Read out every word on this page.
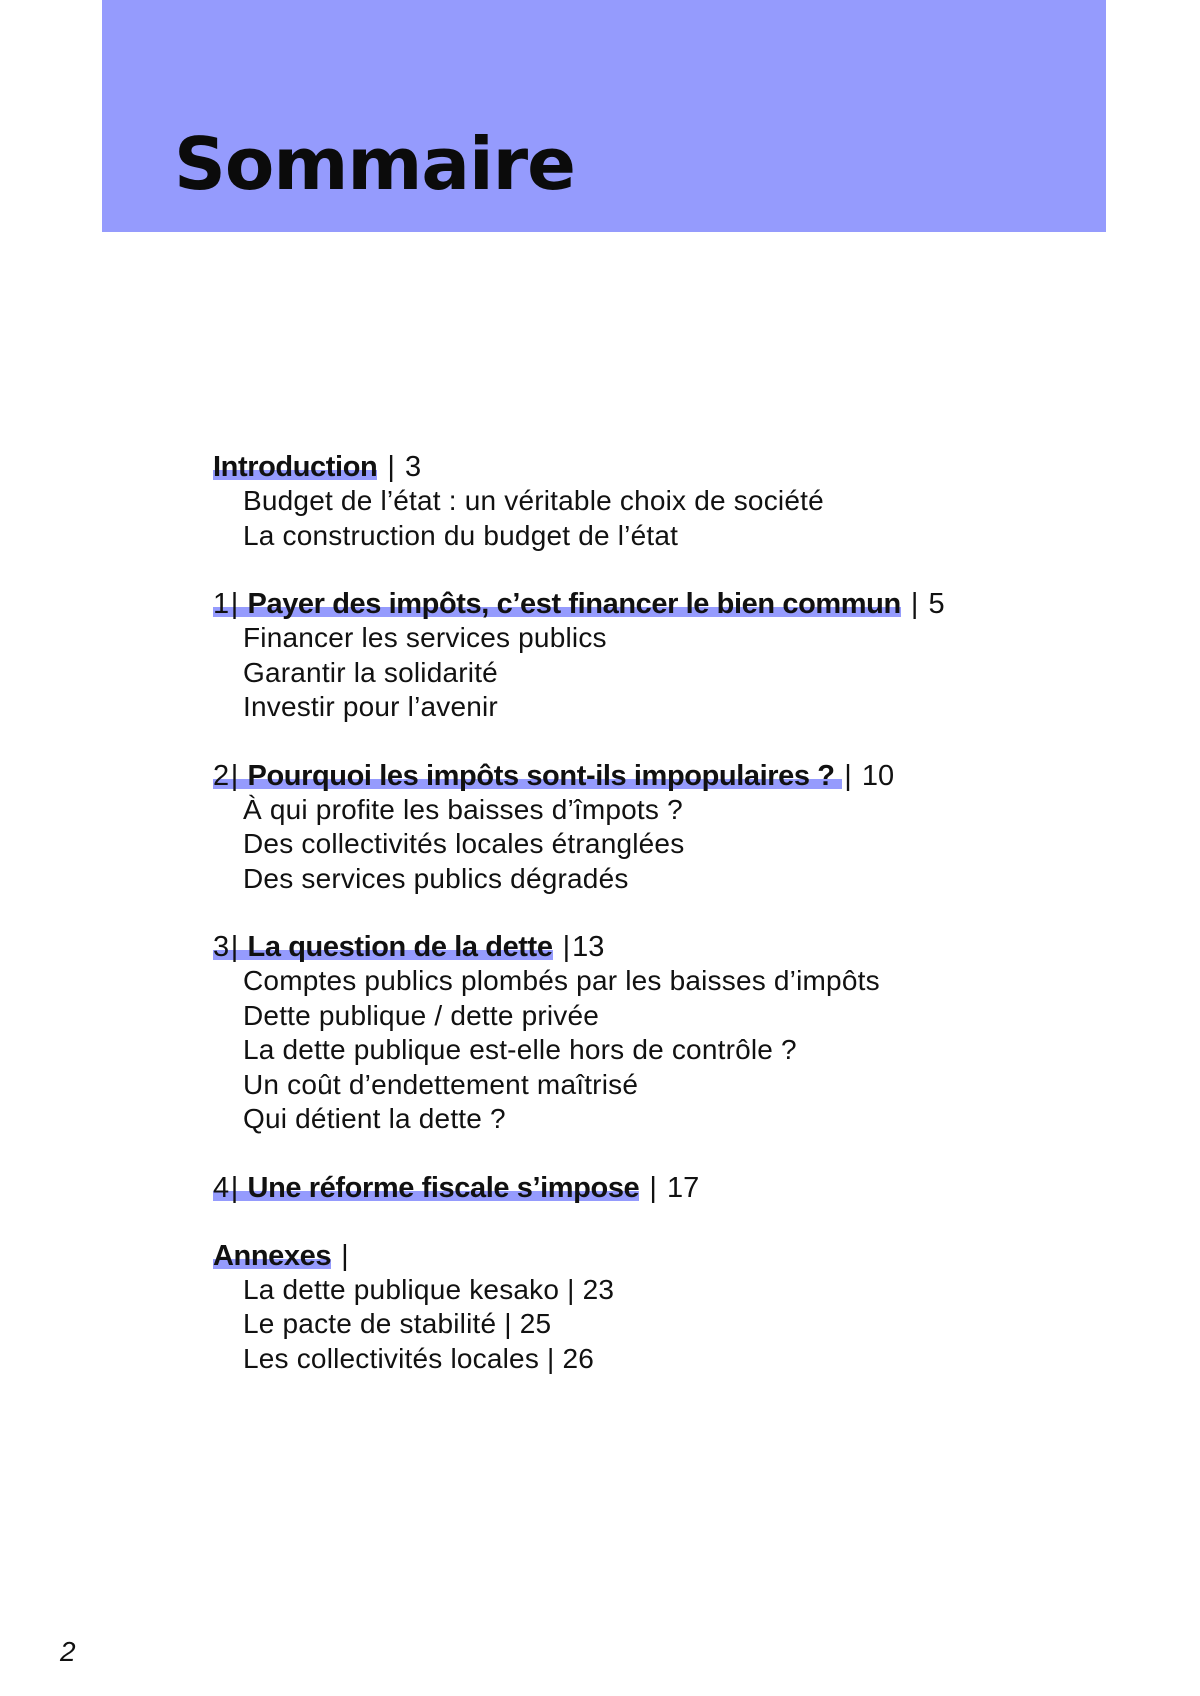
Sommaire
Introduction | 3
Budget de l’état : un véritable choix de société
La construction du budget de l’état
1| Payer des impôts, c’est financer le bien commun | 5
Financer les services publics
Garantir la solidarité
Investir pour l’avenir
2| Pourquoi les impôts sont-ils impopulaires ? | 10
À qui profite les baisses d’împots ?
Des collectivités locales étranglées
Des services publics dégradés
3| La question de la dette |13
Comptes publics plombés par les baisses d’impôts
Dette publique / dette privée
La dette publique est-elle hors de contrôle ?
Un coût d’endettement maîtrisé
Qui détient la dette ?
4| Une réforme fiscale s’impose | 17
Annexes |
La dette publique kesako | 23
Le pacte de stabilité | 25
Les collectivités locales | 26
2
